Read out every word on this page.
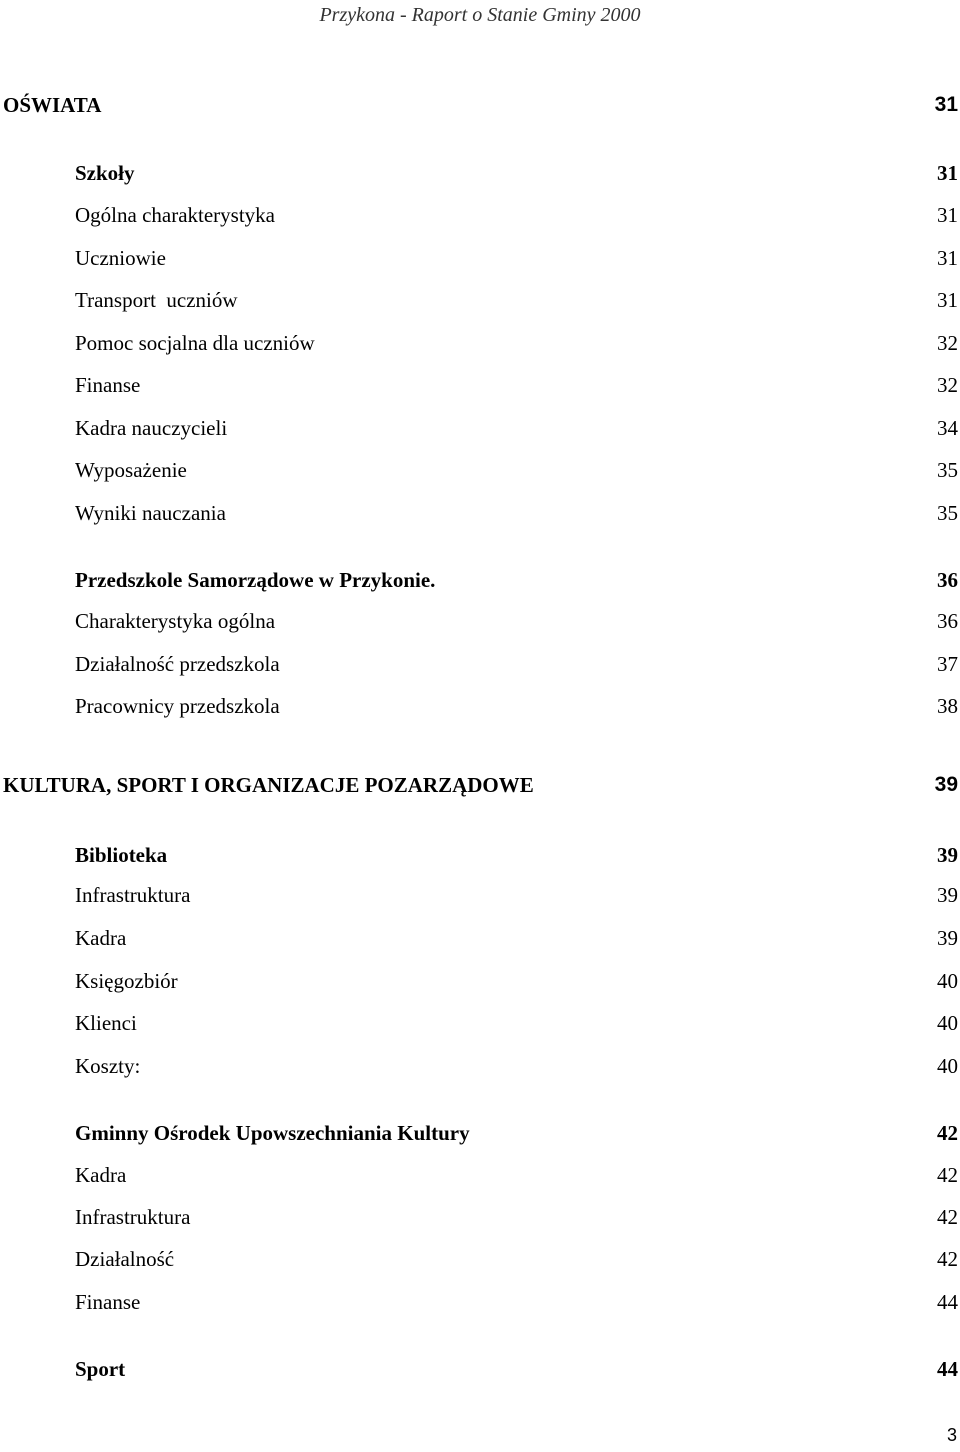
Przykona - Raport o Stanie Gminy 2000
OŚWIATA	31
Szkoły	31
Ogólna charakterystyka	31
Uczniowie	31
Transport  uczniów	31
Pomoc socjalna dla uczniów	32
Finanse	32
Kadra nauczycieli	34
Wyposażenie	35
Wyniki nauczania	35
Przedszkole Samorządowe w Przykonie.	36
Charakterystyka ogólna	36
Działalność przedszkola	37
Pracownicy przedszkola	38
KULTURA, SPORT I ORGANIZACJE POZARZĄDOWE	39
Biblioteka	39
Infrastruktura	39
Kadra	39
Księgozbiór	40
Klienci	40
Koszty:	40
Gminny Ośrodek Upowszechniania Kultury	42
Kadra	42
Infrastruktura	42
Działalność	42
Finanse	44
Sport	44
3
